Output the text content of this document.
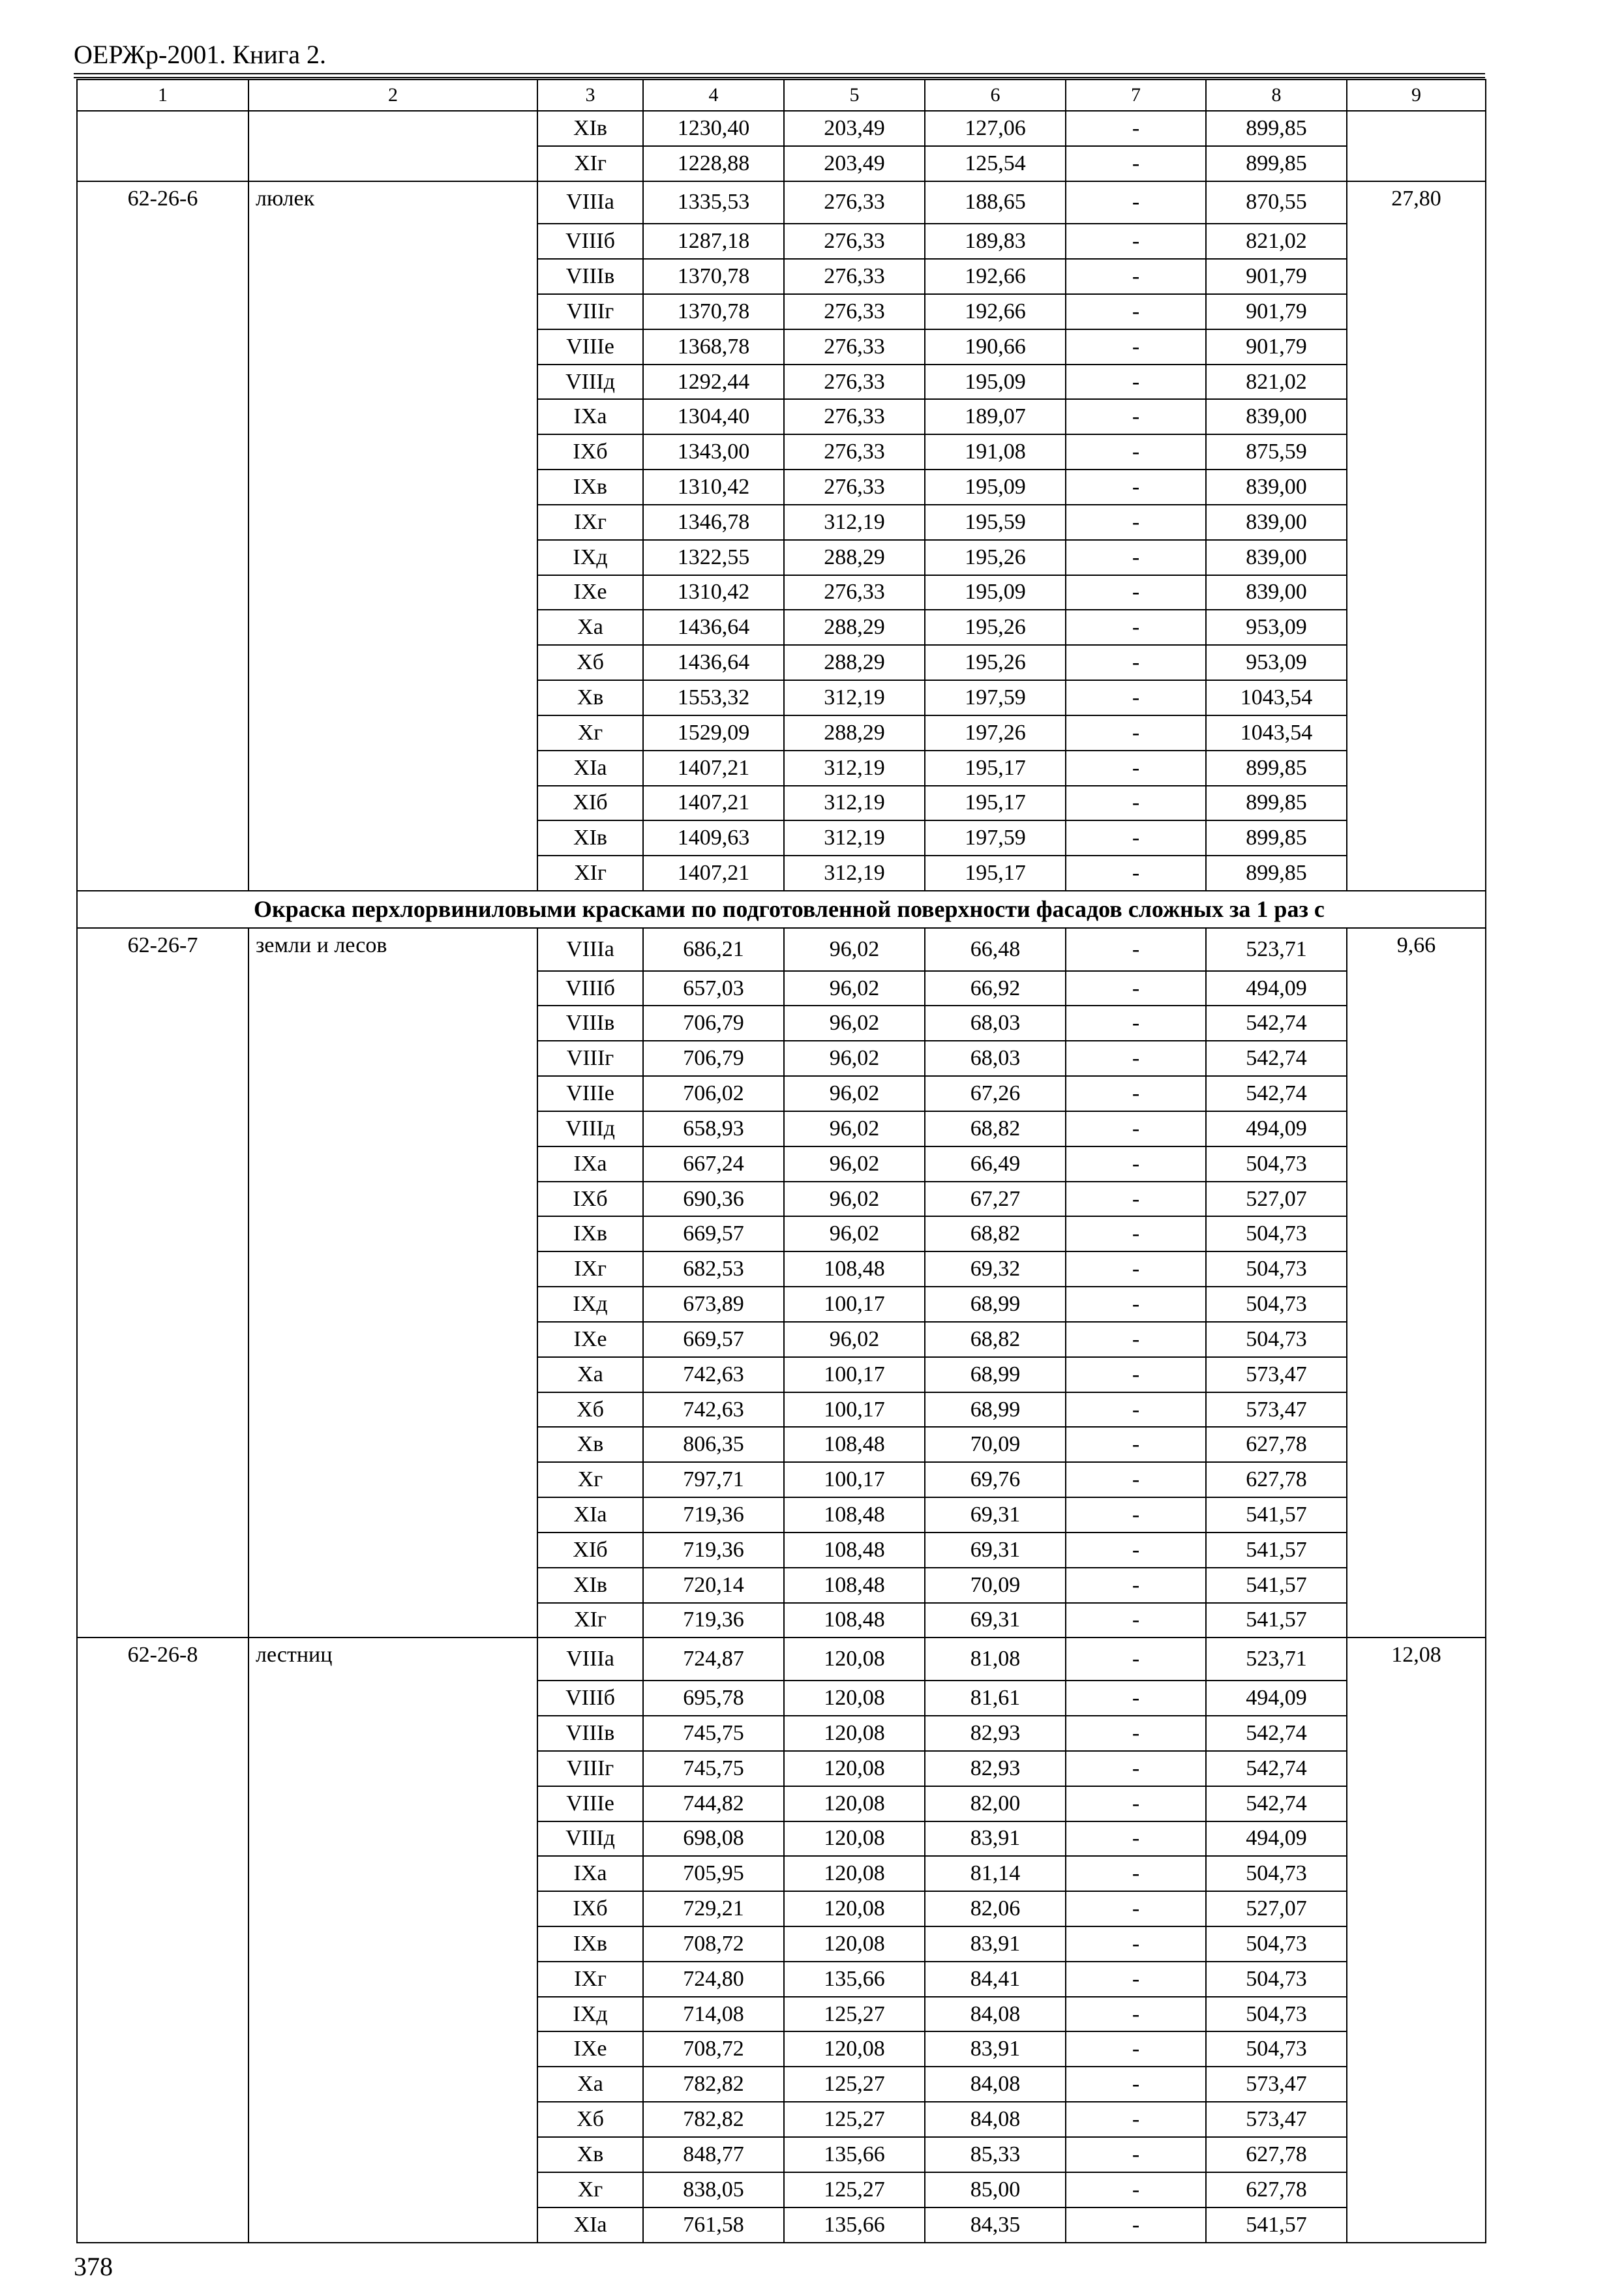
ОЕРЖр-2001. Книга 2.
1	2	3	4	5	6	7	8	9
		XIв	1230,40	203,49	127,06	-	899,85	
		XIг	1228,88	203,49	125,54	-	899,85	
62-26-6	люлек	VIIIа	1335,53	276,33	188,65	-	870,55	27,80
		VIIIб	1287,18	276,33	189,83	-	821,02	
		VIIIв	1370,78	276,33	192,66	-	901,79	
		VIIIг	1370,78	276,33	192,66	-	901,79	
		VIIIе	1368,78	276,33	190,66	-	901,79	
		VIIIд	1292,44	276,33	195,09	-	821,02	
		IXа	1304,40	276,33	189,07	-	839,00	
		IXб	1343,00	276,33	191,08	-	875,59	
		IXв	1310,42	276,33	195,09	-	839,00	
		IXг	1346,78	312,19	195,59	-	839,00	
		IXд	1322,55	288,29	195,26	-	839,00	
		IXе	1310,42	276,33	195,09	-	839,00	
		Xа	1436,64	288,29	195,26	-	953,09	
		Xб	1436,64	288,29	195,26	-	953,09	
		Xв	1553,32	312,19	197,59	-	1043,54	
		Xг	1529,09	288,29	197,26	-	1043,54	
		XIа	1407,21	312,19	195,17	-	899,85	
		XIб	1407,21	312,19	195,17	-	899,85	
		XIв	1409,63	312,19	197,59	-	899,85	
		XIг	1407,21	312,19	195,17	-	899,85	
Окраска перхлорвиниловыми красками по подготовленной поверхности фасадов сложных за 1 раз с								
62-26-7	земли и лесов	VIIIа	686,21	96,02	66,48	-	523,71	9,66
		VIIIб	657,03	96,02	66,92	-	494,09	
		VIIIв	706,79	96,02	68,03	-	542,74	
		VIIIг	706,79	96,02	68,03	-	542,74	
		VIIIе	706,02	96,02	67,26	-	542,74	
		VIIIд	658,93	96,02	68,82	-	494,09	
		IXа	667,24	96,02	66,49	-	504,73	
		IXб	690,36	96,02	67,27	-	527,07	
		IXв	669,57	96,02	68,82	-	504,73	
		IXг	682,53	108,48	69,32	-	504,73	
		IXд	673,89	100,17	68,99	-	504,73	
		IXе	669,57	96,02	68,82	-	504,73	
		Xа	742,63	100,17	68,99	-	573,47	
		Xб	742,63	100,17	68,99	-	573,47	
		Xв	806,35	108,48	70,09	-	627,78	
		Xг	797,71	100,17	69,76	-	627,78	
		XIа	719,36	108,48	69,31	-	541,57	
		XIб	719,36	108,48	69,31	-	541,57	
		XIв	720,14	108,48	70,09	-	541,57	
		XIг	719,36	108,48	69,31	-	541,57	
62-26-8	лестниц	VIIIа	724,87	120,08	81,08	-	523,71	12,08
		VIIIб	695,78	120,08	81,61	-	494,09	
		VIIIв	745,75	120,08	82,93	-	542,74	
		VIIIг	745,75	120,08	82,93	-	542,74	
		VIIIе	744,82	120,08	82,00	-	542,74	
		VIIIд	698,08	120,08	83,91	-	494,09	
		IXа	705,95	120,08	81,14	-	504,73	
		IXб	729,21	120,08	82,06	-	527,07	
		IXв	708,72	120,08	83,91	-	504,73	
		IXг	724,80	135,66	84,41	-	504,73	
		IXд	714,08	125,27	84,08	-	504,73	
		IXе	708,72	120,08	83,91	-	504,73	
		Xа	782,82	125,27	84,08	-	573,47	
		Xб	782,82	125,27	84,08	-	573,47	
		Xв	848,77	135,66	85,33	-	627,78	
		Xг	838,05	125,27	85,00	-	627,78	
		XIа	761,58	135,66	84,35	-	541,57	
378
